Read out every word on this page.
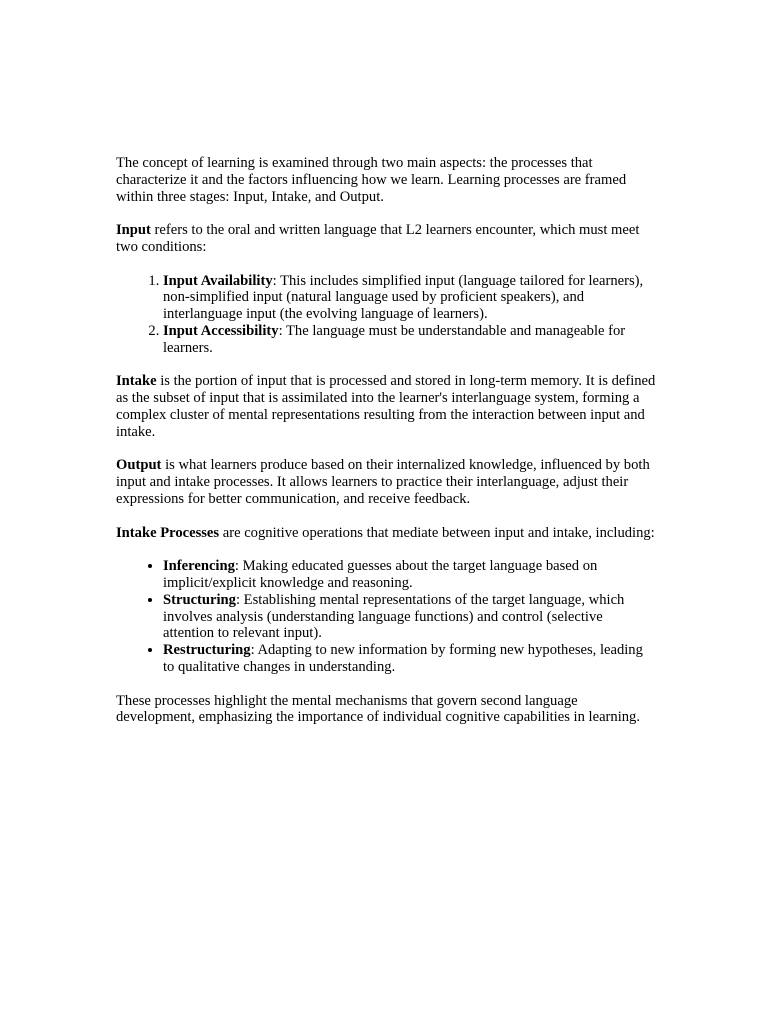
The concept of learning is examined through two main aspects: the processes that characterize it and the factors influencing how we learn. Learning processes are framed within three stages: Input, Intake, and Output.

Input refers to the oral and written language that L2 learners encounter, which must meet two conditions:

1. Input Availability: This includes simplified input (language tailored for learners), non-simplified input (natural language used by proficient speakers), and interlanguage input (the evolving language of learners).
2. Input Accessibility: The language must be understandable and manageable for learners.

Intake is the portion of input that is processed and stored in long-term memory. It is defined as the subset of input that is assimilated into the learner's interlanguage system, forming a complex cluster of mental representations resulting from the interaction between input and intake.

Output is what learners produce based on their internalized knowledge, influenced by both input and intake processes. It allows learners to practice their interlanguage, adjust their expressions for better communication, and receive feedback.

Intake Processes are cognitive operations that mediate between input and intake, including:

• Inferencing: Making educated guesses about the target language based on implicit/explicit knowledge and reasoning.
• Structuring: Establishing mental representations of the target language, which involves analysis (understanding language functions) and control (selective attention to relevant input).
• Restructuring: Adapting to new information by forming new hypotheses, leading to qualitative changes in understanding.

These processes highlight the mental mechanisms that govern second language development, emphasizing the importance of individual cognitive capabilities in learning.
